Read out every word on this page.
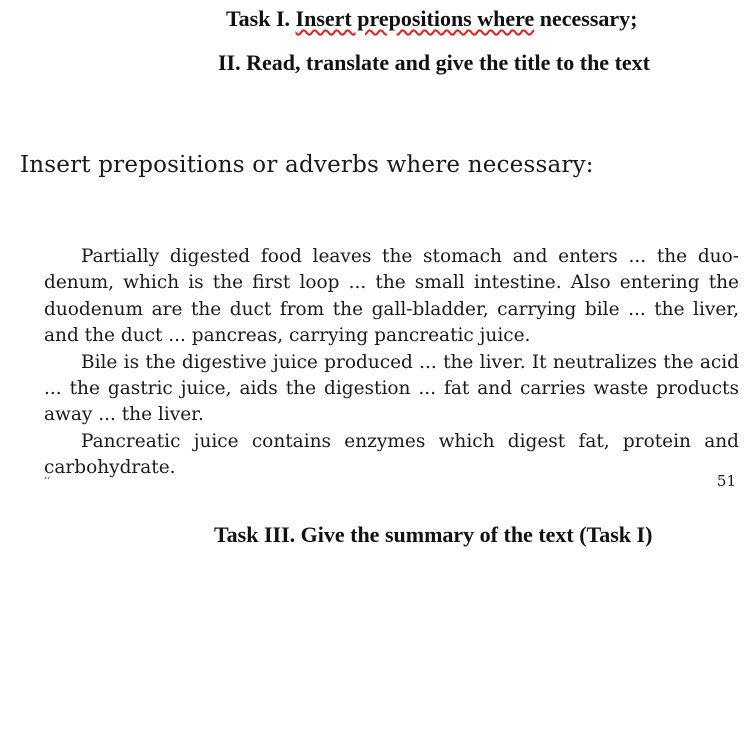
Task I. Insert prepositions where necessary;
II. Read, translate and give the title to the text
Insert prepositions or adverbs where necessary:

Partially digested food leaves the stomach and enters ... the duodenum, which is the first loop ... the small intestine. Also entering the duodenum are the duct from the gall-bladder, carrying bile ... the liver, and the duct ... pancreas, carrying pancreatic juice.

Bile is the digestive juice produced ... the liver. It neutralizes the acid ... the gastric juice, aids the digestion ... fat and carries waste products away ... the liver.

Pancreatic juice contains enzymes which digest fat, protein and carbohydrate.

‘‘	51
Task III. Give the summary of the text (Task I)
